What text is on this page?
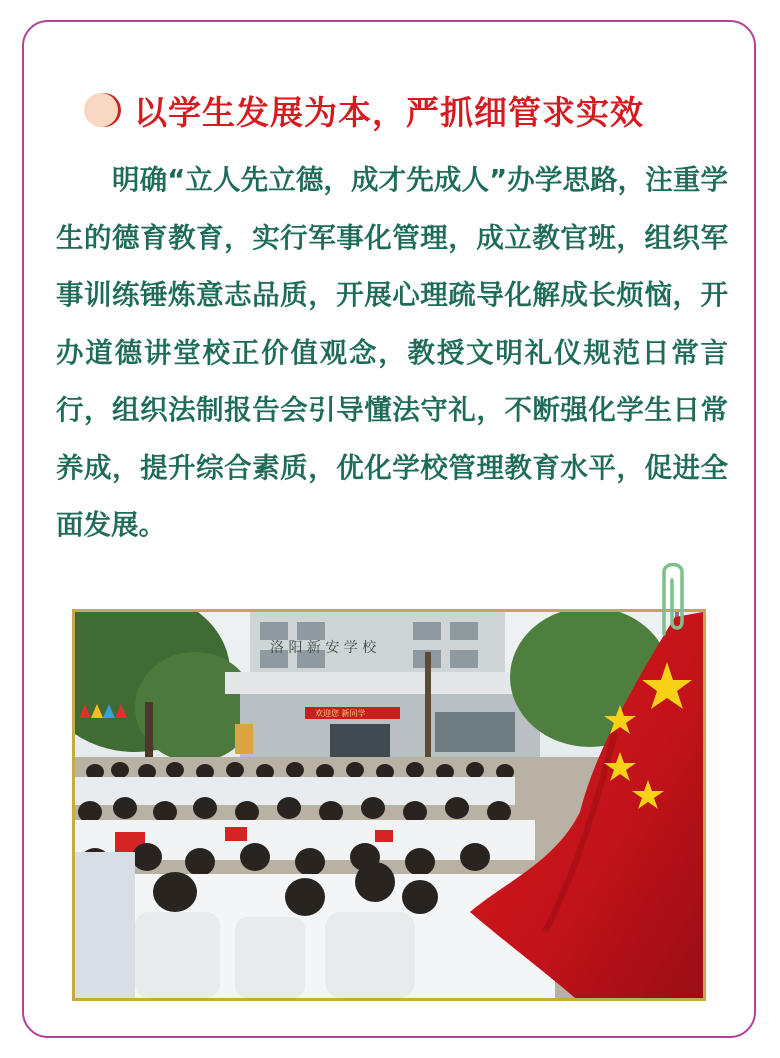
以学生发展为本，严抓细管求实效

明确“立人先立德，成才先成人”办学思路，注重学生的德育教育，实行军事化管理，成立教官班，组织军事训练锤炼意志品质，开展心理疏导化解成长烦恼，开办道德讲堂校正价值观念，教授文明礼仪规范日常言行，组织法制报告会引导懂法守礼，不断强化学生日常养成，提升综合素质，优化学校管理教育水平，促进全面发展。

洛 阳 新 安 学 校
欢迎您 新同学
